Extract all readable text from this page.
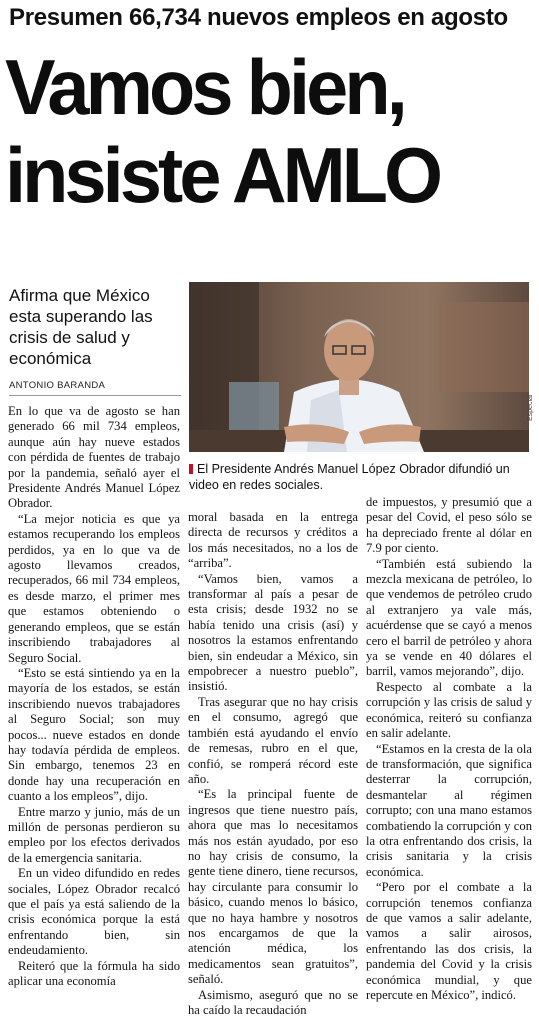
Presumen 66,734 nuevos empleos en agosto
Vamos bien,
insiste AMLO
Afirma que México esta superando las crisis de salud y económica
ANTONIO BARANDA
Especial
El Presidente Andrés Manuel López Obrador difundió un video en redes sociales.

En lo que va de agosto se han generado 66 mil 734 empleos, aunque aún hay nueve estados con pérdida de fuentes de trabajo por la pandemia, señaló ayer el Presidente Andrés Manuel López Obrador.

“La mejor noticia es que ya estamos recuperando los empleos perdidos, ya en lo que va de agosto llevamos creados, recuperados, 66 mil 734 empleos, es desde marzo, el primer mes que estamos obteniendo o generando empleos, que se están inscribiendo trabajadores al Seguro Social.

“Esto se está sintiendo ya en la mayoría de los estados, se están inscribiendo nuevos trabajadores al Seguro Social; son muy pocos... nueve estados en donde hay todavía pérdida de empleos. Sin embargo, tenemos 23 en donde hay una recuperación en cuanto a los empleos”, dijo.

Entre marzo y junio, más de un millón de personas perdieron su empleo por los efectos derivados de la emergencia sanitaria.

En un video difundido en redes sociales, López Obrador recalcó que el país ya está saliendo de la crisis económica porque la está enfrentando bien, sin endeudamiento.

Reiteró que la fórmula ha sido aplicar una economía

moral basada en la entrega directa de recursos y créditos a los más necesitados, no a los de “arriba”.

“Vamos bien, vamos a transformar al país a pesar de esta crisis; desde 1932 no se había tenido una crisis (así) y nosotros la estamos enfrentando bien, sin endeudar a México, sin empobrecer a nuestro pueblo”, insistió.

Tras asegurar que no hay crisis en el consumo, agregó que también está ayudando el envío de remesas, rubro en el que, confió, se romperá récord este año.

“Es la principal fuente de ingresos que tiene nuestro país, ahora que mas lo necesitamos más nos están ayudado, por eso no hay crisis de consumo, la gente tiene dinero, tiene recursos, hay circulante para consumir lo básico, cuando menos lo básico, que no haya hambre y nosotros nos encargamos de que la atención médica, los medicamentos sean gratuitos”, señaló.

Asimismo, aseguró que no se ha caído la recaudación

de impuestos, y presumió que a pesar del Covid, el peso sólo se ha depreciado frente al dólar en 7.9 por ciento.

“También está subiendo la mezcla mexicana de petróleo, lo que vendemos de petróleo crudo al extranjero ya vale más, acuérdense que se cayó a menos cero el barril de petróleo y ahora ya se vende en 40 dólares el barril, vamos mejorando”, dijo.

Respecto al combate a la corrupción y las crisis de salud y económica, reiteró su confianza en salir adelante.

“Estamos en la cresta de la ola de transformación, que significa desterrar la corrupción, desmantelar al régimen corrupto; con una mano estamos combatiendo la corrupción y con la otra enfrentando dos crisis, la crisis sanitaria y la crisis económica.

“Pero por el combate a la corrupción tenemos confianza de que vamos a salir adelante, vamos a salir airosos, enfrentando las dos crisis, la pandemia del Covid y la crisis económica mundial, y que repercute en México”, indicó.
